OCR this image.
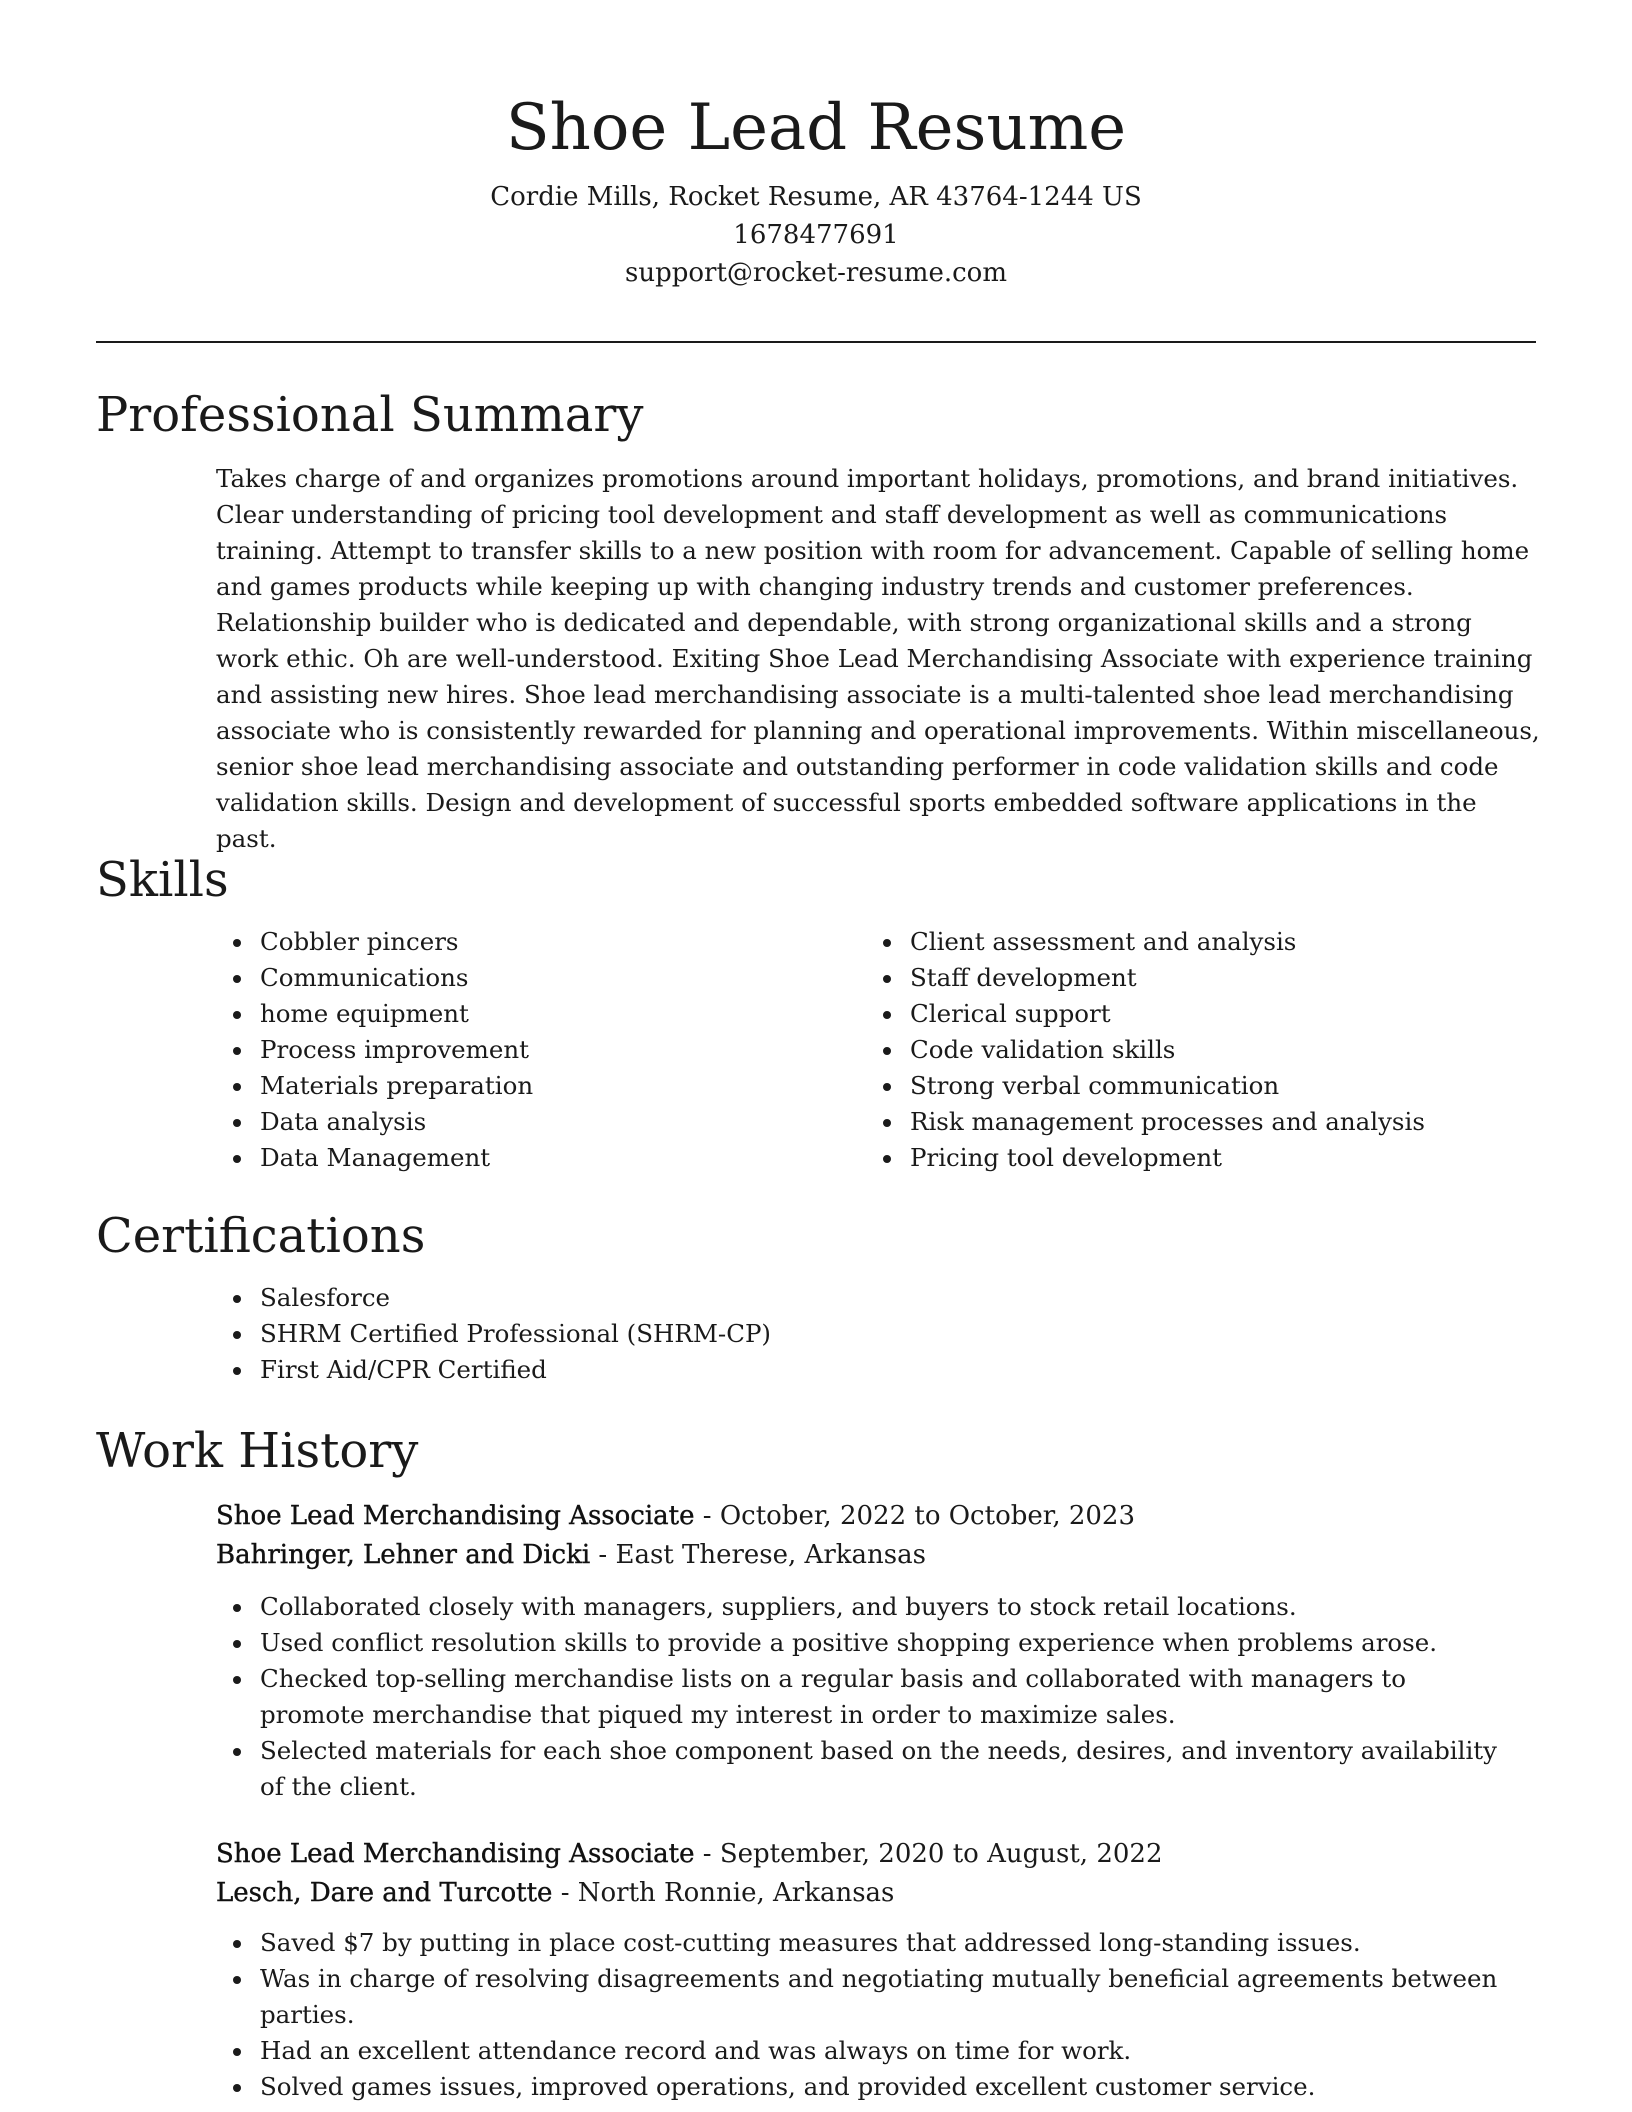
Shoe Lead Resume

Cordie Mills, Rocket Resume, AR 43764-1244 US

1678477691

support@rocket-resume.com

Professional Summary

Takes charge of and organizes promotions around important holidays, promotions, and brand initiatives. Clear understanding of pricing tool development and staff development as well as communications training. Attempt to transfer skills to a new position with room for advancement. Capable of selling home and games products while keeping up with changing industry trends and customer preferences. Relationship builder who is dedicated and dependable, with strong organizational skills and a strong work ethic. Oh are well-understood. Exiting Shoe Lead Merchandising Associate with experience training and assisting new hires. Shoe lead merchandising associate is a multi-talented shoe lead merchandising associate who is consistently rewarded for planning and operational improvements. Within miscellaneous, senior shoe lead merchandising associate and outstanding performer in code validation skills and code validation skills. Design and development of successful sports embedded software applications in the past.

Skills
Cobbler pincers
Communications
home equipment
Process improvement
Materials preparation
Data analysis
Data Management
Client assessment and analysis
Staff development
Clerical support
Code validation skills
Strong verbal communication
Risk management processes and analysis
Pricing tool development
Certifications
Salesforce
SHRM Certified Professional (SHRM-CP)
First Aid/CPR Certified
Work History

Shoe Lead Merchandising Associate - October, 2022 to October, 2023

Bahringer, Lehner and Dicki - East Therese, Arkansas

Collaborated closely with managers, suppliers, and buyers to stock retail locations.
Used conflict resolution skills to provide a positive shopping experience when problems arose.
Checked top-selling merchandise lists on a regular basis and collaborated with managers to promote merchandise that piqued my interest in order to maximize sales.
Selected materials for each shoe component based on the needs, desires, and inventory availability of the client.

Shoe Lead Merchandising Associate - September, 2020 to August, 2022

Lesch, Dare and Turcotte - North Ronnie, Arkansas

Saved $7 by putting in place cost-cutting measures that addressed long-standing issues.
Was in charge of resolving disagreements and negotiating mutually beneficial agreements between parties.
Had an excellent attendance record and was always on time for work.
Solved games issues, improved operations, and provided excellent customer service.
